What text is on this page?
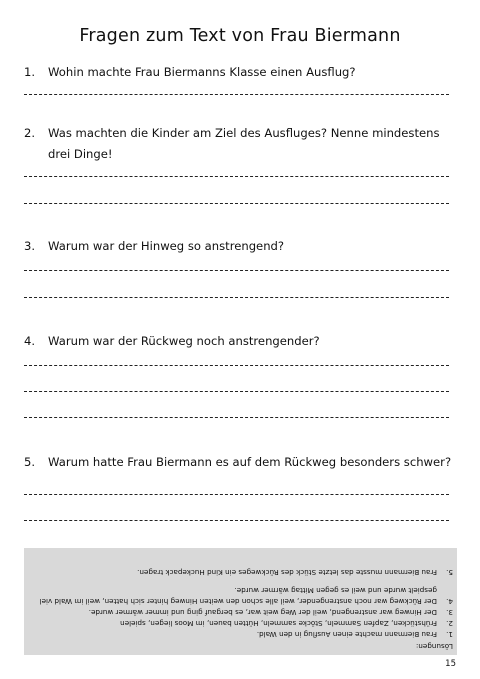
Fragen zum Text von Frau Biermann
1. Wohin machte Frau Biermanns Klasse einen Ausflug?
2. Was machten die Kinder am Ziel des Ausfluges? Nenne mindestens drei Dinge!
3. Warum war der Hinweg so anstrengend?
4. Warum war der Rückweg noch anstrengender?
5. Warum hatte Frau Biermann es auf dem Rückweg besonders schwer?
Lösungen:
1.
Frau Biermann machte einen Ausflug in den Wald.
2.
Frühstücken, Zapfen Sammeln, Stöcke sammeln, Hütten bauen, im Moos liegen, spielen
3.
Der Hinweg war anstrengend, weil der Weg weit war, es bergauf ging und immer wärmer wurde.
4.
Der Rückweg war noch anstrengender, weil alle schon den weiten Hinweg hinter sich hatten, weil im Wald viel gespielt wurde und weil es gegen Mittag wärmer wurde.
5.
Frau Biermann musste das letzte Stück des Rückweges ein Kind Huckepack tragen.
15
